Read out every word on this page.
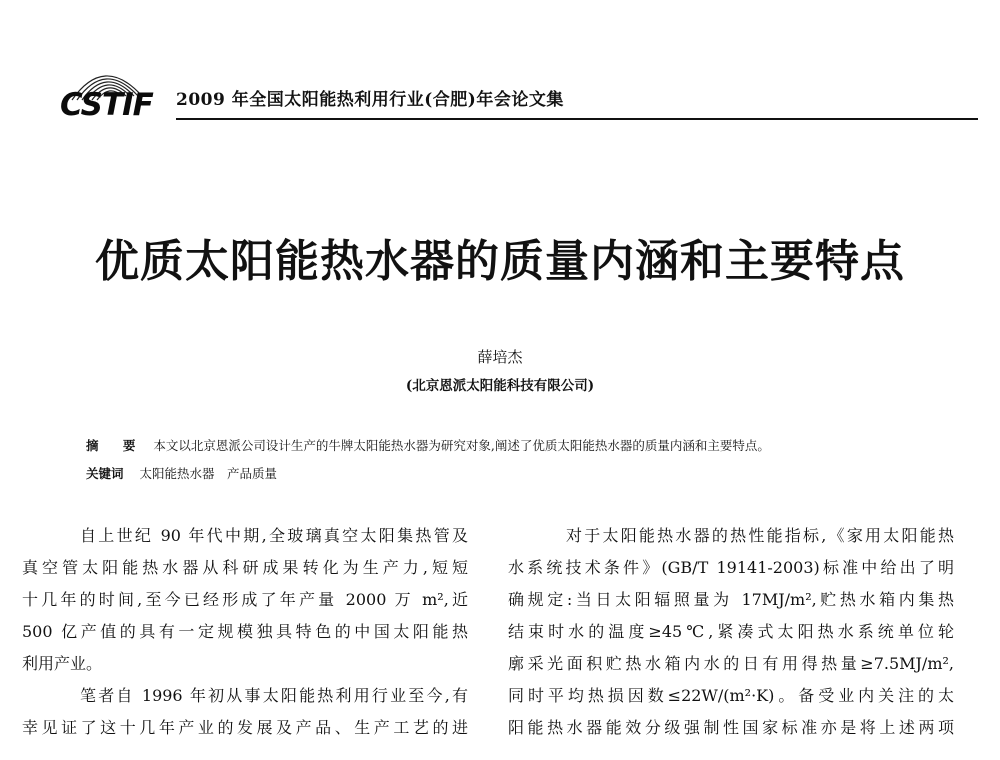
CSTIF 2009 年全国太阳能热利用行业(合肥)年会论文集
优质太阳能热水器的质量内涵和主要特点
薛培杰
(北京恩派太阳能科技有限公司)
摘 要 本文以北京恩派公司设计生产的牛牌太阳能热水器为研究对象,阐述了优质太阳能热水器的质量内涵和主要特点。
关键词 太阳能热水器　产品质量
自上世纪 90 年代中期,全玻璃真空太阳集热管及
真空管太阳能热水器从科研成果转化为生产力,短短
十几年的时间,至今已经形成了年产量 2000 万 m²,近
500 亿产值的具有一定规模独具特色的中国太阳能热
利用产业。
笔者自 1996 年初从事太阳能热利用行业至今,有
幸见证了这十几年产业的发展及产品、生产工艺的进
对于太阳能热水器的热性能指标,《家用太阳能热
水系统技术条件》(GB/T 19141-2003)标准中给出了明
确规定:当日太阳辐照量为 17MJ/m²,贮热水箱内集热
结束时水的温度≥45℃,紧凑式太阳热水系统单位轮
廓采光面积贮热水箱内水的日有用得热量≥7.5MJ/m²,
同时平均热损因数≤22W/(m²·K)。备受业内关注的太
阳能热水器能效分级强制性国家标准亦是将上述两项
